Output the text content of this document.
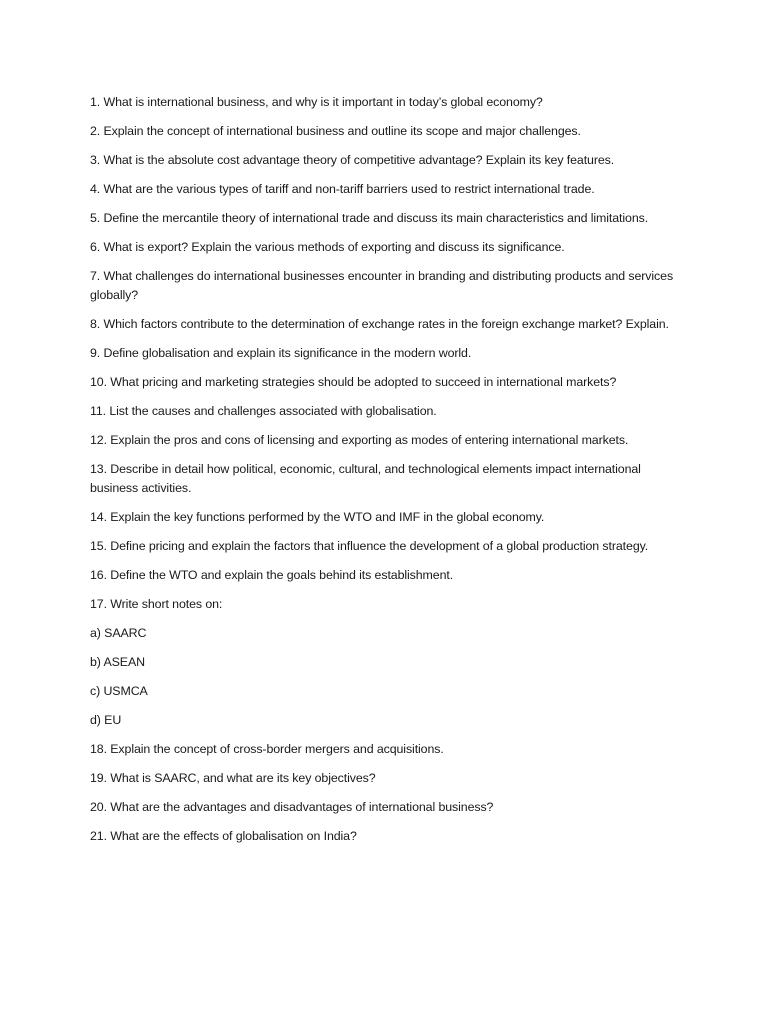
1. What is international business, and why is it important in today’s global economy?

2. Explain the concept of international business and outline its scope and major challenges.

3. What is the absolute cost advantage theory of competitive advantage? Explain its key features.

4. What are the various types of tariff and non-tariff barriers used to restrict international trade.

5. Define the mercantile theory of international trade and discuss its main characteristics and limitations.

6. What is export? Explain the various methods of exporting and discuss its significance.

7. What challenges do international businesses encounter in branding and distributing products and services globally?

8. Which factors contribute to the determination of exchange rates in the foreign exchange market? Explain.

9. Define globalisation and explain its significance in the modern world.

10. What pricing and marketing strategies should be adopted to succeed in international markets?

11. List the causes and challenges associated with globalisation.

12. Explain the pros and cons of licensing and exporting as modes of entering international markets.

13. Describe in detail how political, economic, cultural, and technological elements impact international business activities.

14. Explain the key functions performed by the WTO and IMF in the global economy.

15. Define pricing and explain the factors that influence the development of a global production strategy.

16. Define the WTO and explain the goals behind its establishment.

17. Write short notes on:

a) SAARC

b) ASEAN

c) USMCA

d) EU

18. Explain the concept of cross-border mergers and acquisitions.

19. What is SAARC, and what are its key objectives?

20. What are the advantages and disadvantages of international business?

21. What are the effects of globalisation on India?
